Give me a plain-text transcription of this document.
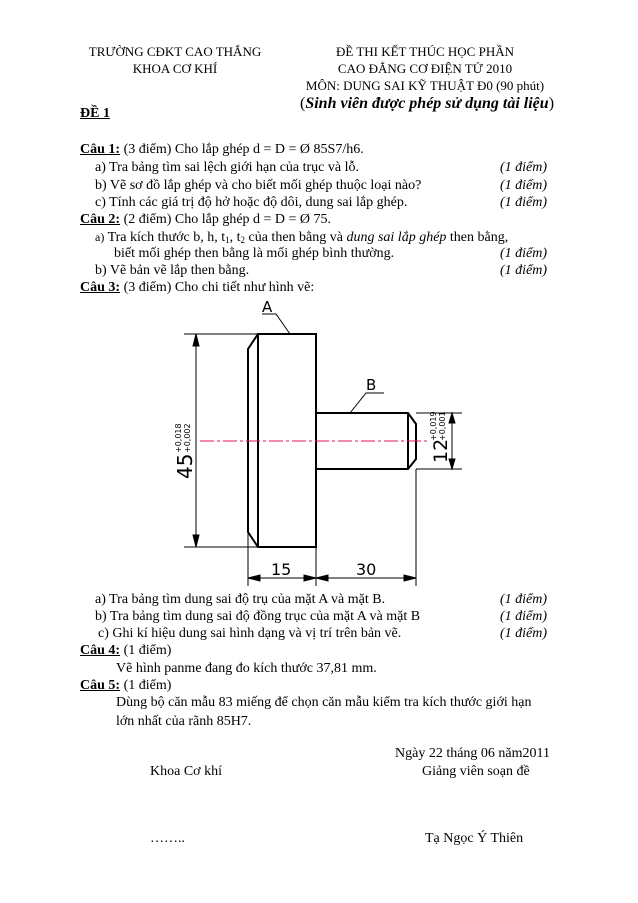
TRƯỜNG CĐKT CAO THẮNG
KHOA CƠ KHÍ
ĐỀ THI KẾT THÚC HỌC PHẦN
CAO ĐẲNG CƠ ĐIỆN TỬ 2010
MÔN: DUNG SAI KỸ THUẬT Đ0 (90 phút)
(Sinh viên được phép sử dụng tài liệu)
ĐỀ 1
Câu 1: (3 điểm) Cho lắp ghép d = D = Ø 85S7/h6.
a) Tra bảng tìm sai lệch giới hạn của trục và lỗ.	(1 điểm)
b) Vẽ sơ đồ lắp ghép và cho biết mối ghép thuộc loại nào?	(1 điểm)
c) Tính các giá trị độ hở hoặc độ dôi, dung sai lắp ghép.	(1 điểm)
Câu 2: (2 điểm) Cho lắp ghép d = D = Ø 75.
a) Tra kích thước b, h, t1, t2 của then bằng và dung sai lắp ghép then bằng,
biết mối ghép then bằng là mối ghép bình thường.	(1 điểm)
b) Vẽ bản vẽ lắp then bằng.	(1 điểm)
Câu 3: (3 điểm) Cho chi tiết như hình vẽ:
A
B
45
+0,018 +0,002	12
+0,019 +0,001
15	30
a) Tra bảng tìm dung sai độ trụ của mặt A và mặt B.	(1 điểm)
b) Tra bảng tìm dung sai độ đồng trục của mặt A và mặt B	(1 điểm)
c) Ghi kí hiệu dung sai hình dạng và vị trí trên bản vẽ.	(1 điểm)
Câu 4: (1 điểm)
Vẽ hình panme đang đo kích thước 37,81 mm.
Câu 5: (1 điểm)
Dùng bộ căn mẫu 83 miếng để chọn căn mẫu kiểm tra kích thước giới hạn
lớn nhất của rãnh 85H7.
Ngày 22 tháng 06 năm2011
Khoa Cơ khí	Giảng viên soạn đề
……..	Tạ Ngọc Ý Thiên
